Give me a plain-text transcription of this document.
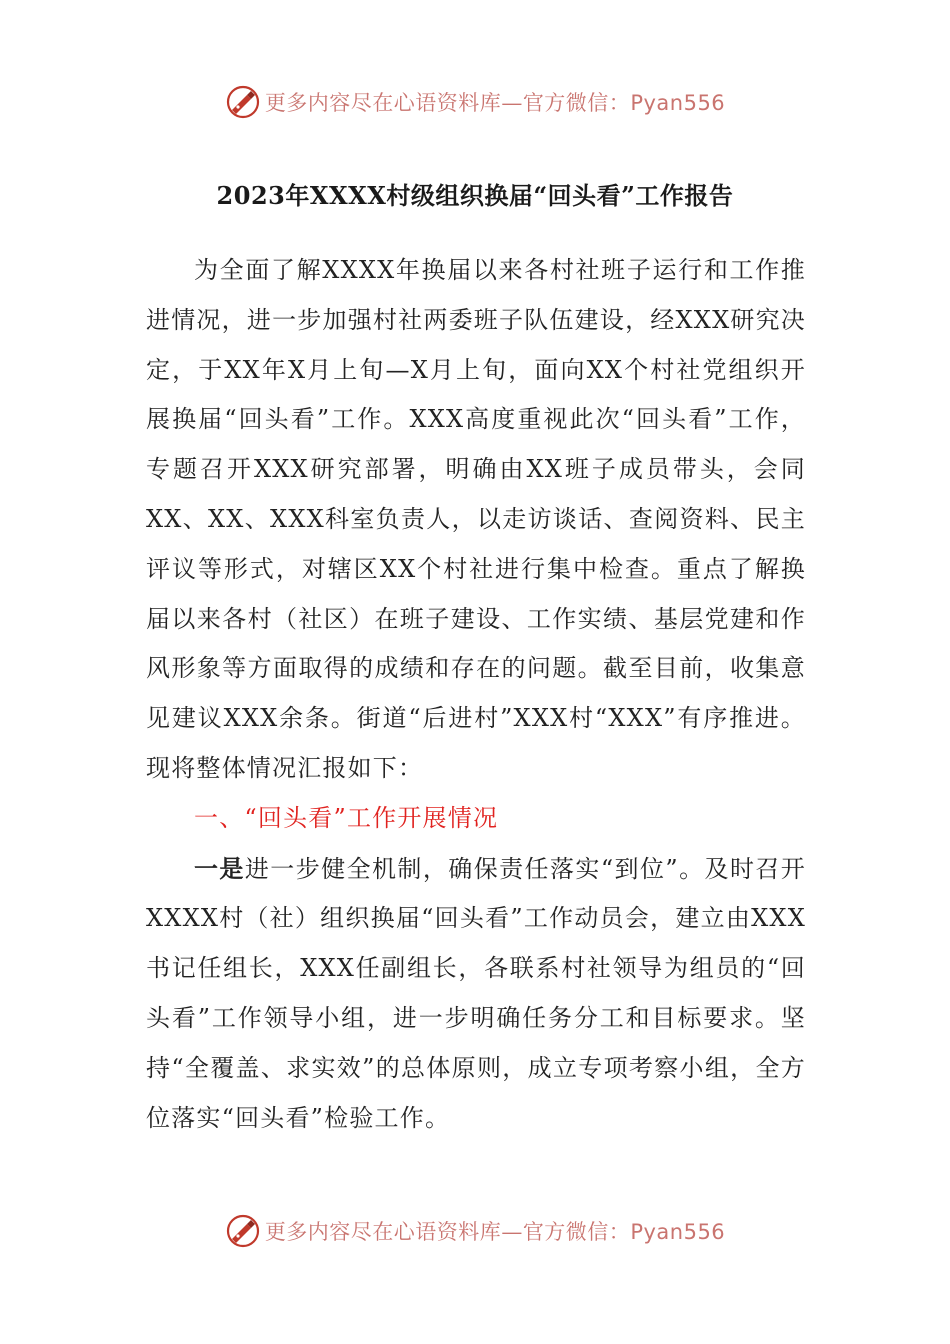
更多内容尽在心语资料库—官方微信：Pyan556
2023年XXXX村级组织换届“回头看”工作报告

为全面了解XXXX年换届以来各村社班子运行和工作推进情况，进一步加强村社两委班子队伍建设，经XXX研究决定，于XX年X月上旬—X月上旬，面向XX个村社党组织开展换届“回头看”工作。XXX高度重视此次“回头看”工作，专题召开XXX研究部署，明确由XX班子成员带头，会同XX、XX、XXX科室负责人，以走访谈话、查阅资料、民主评议等形式，对辖区XX个村社进行集中检查。重点了解换届以来各村（社区）在班子建设、工作实绩、基层党建和作风形象等方面取得的成绩和存在的问题。截至目前，收集意见建议XXX余条。街道“后进村”XXX村“XXX”有序推进。现将整体情况汇报如下：

一、“回头看”工作开展情况

一是进一步健全机制，确保责任落实“到位”。及时召开XXXX村（社）组织换届“回头看”工作动员会，建立由XXX书记任组长，XXX任副组长，各联系村社领导为组员的“回头看”工作领导小组，进一步明确任务分工和目标要求。坚持“全覆盖、求实效”的总体原则，成立专项考察小组，全方位落实“回头看”检验工作。

更多内容尽在心语资料库—官方微信：Pyan556
